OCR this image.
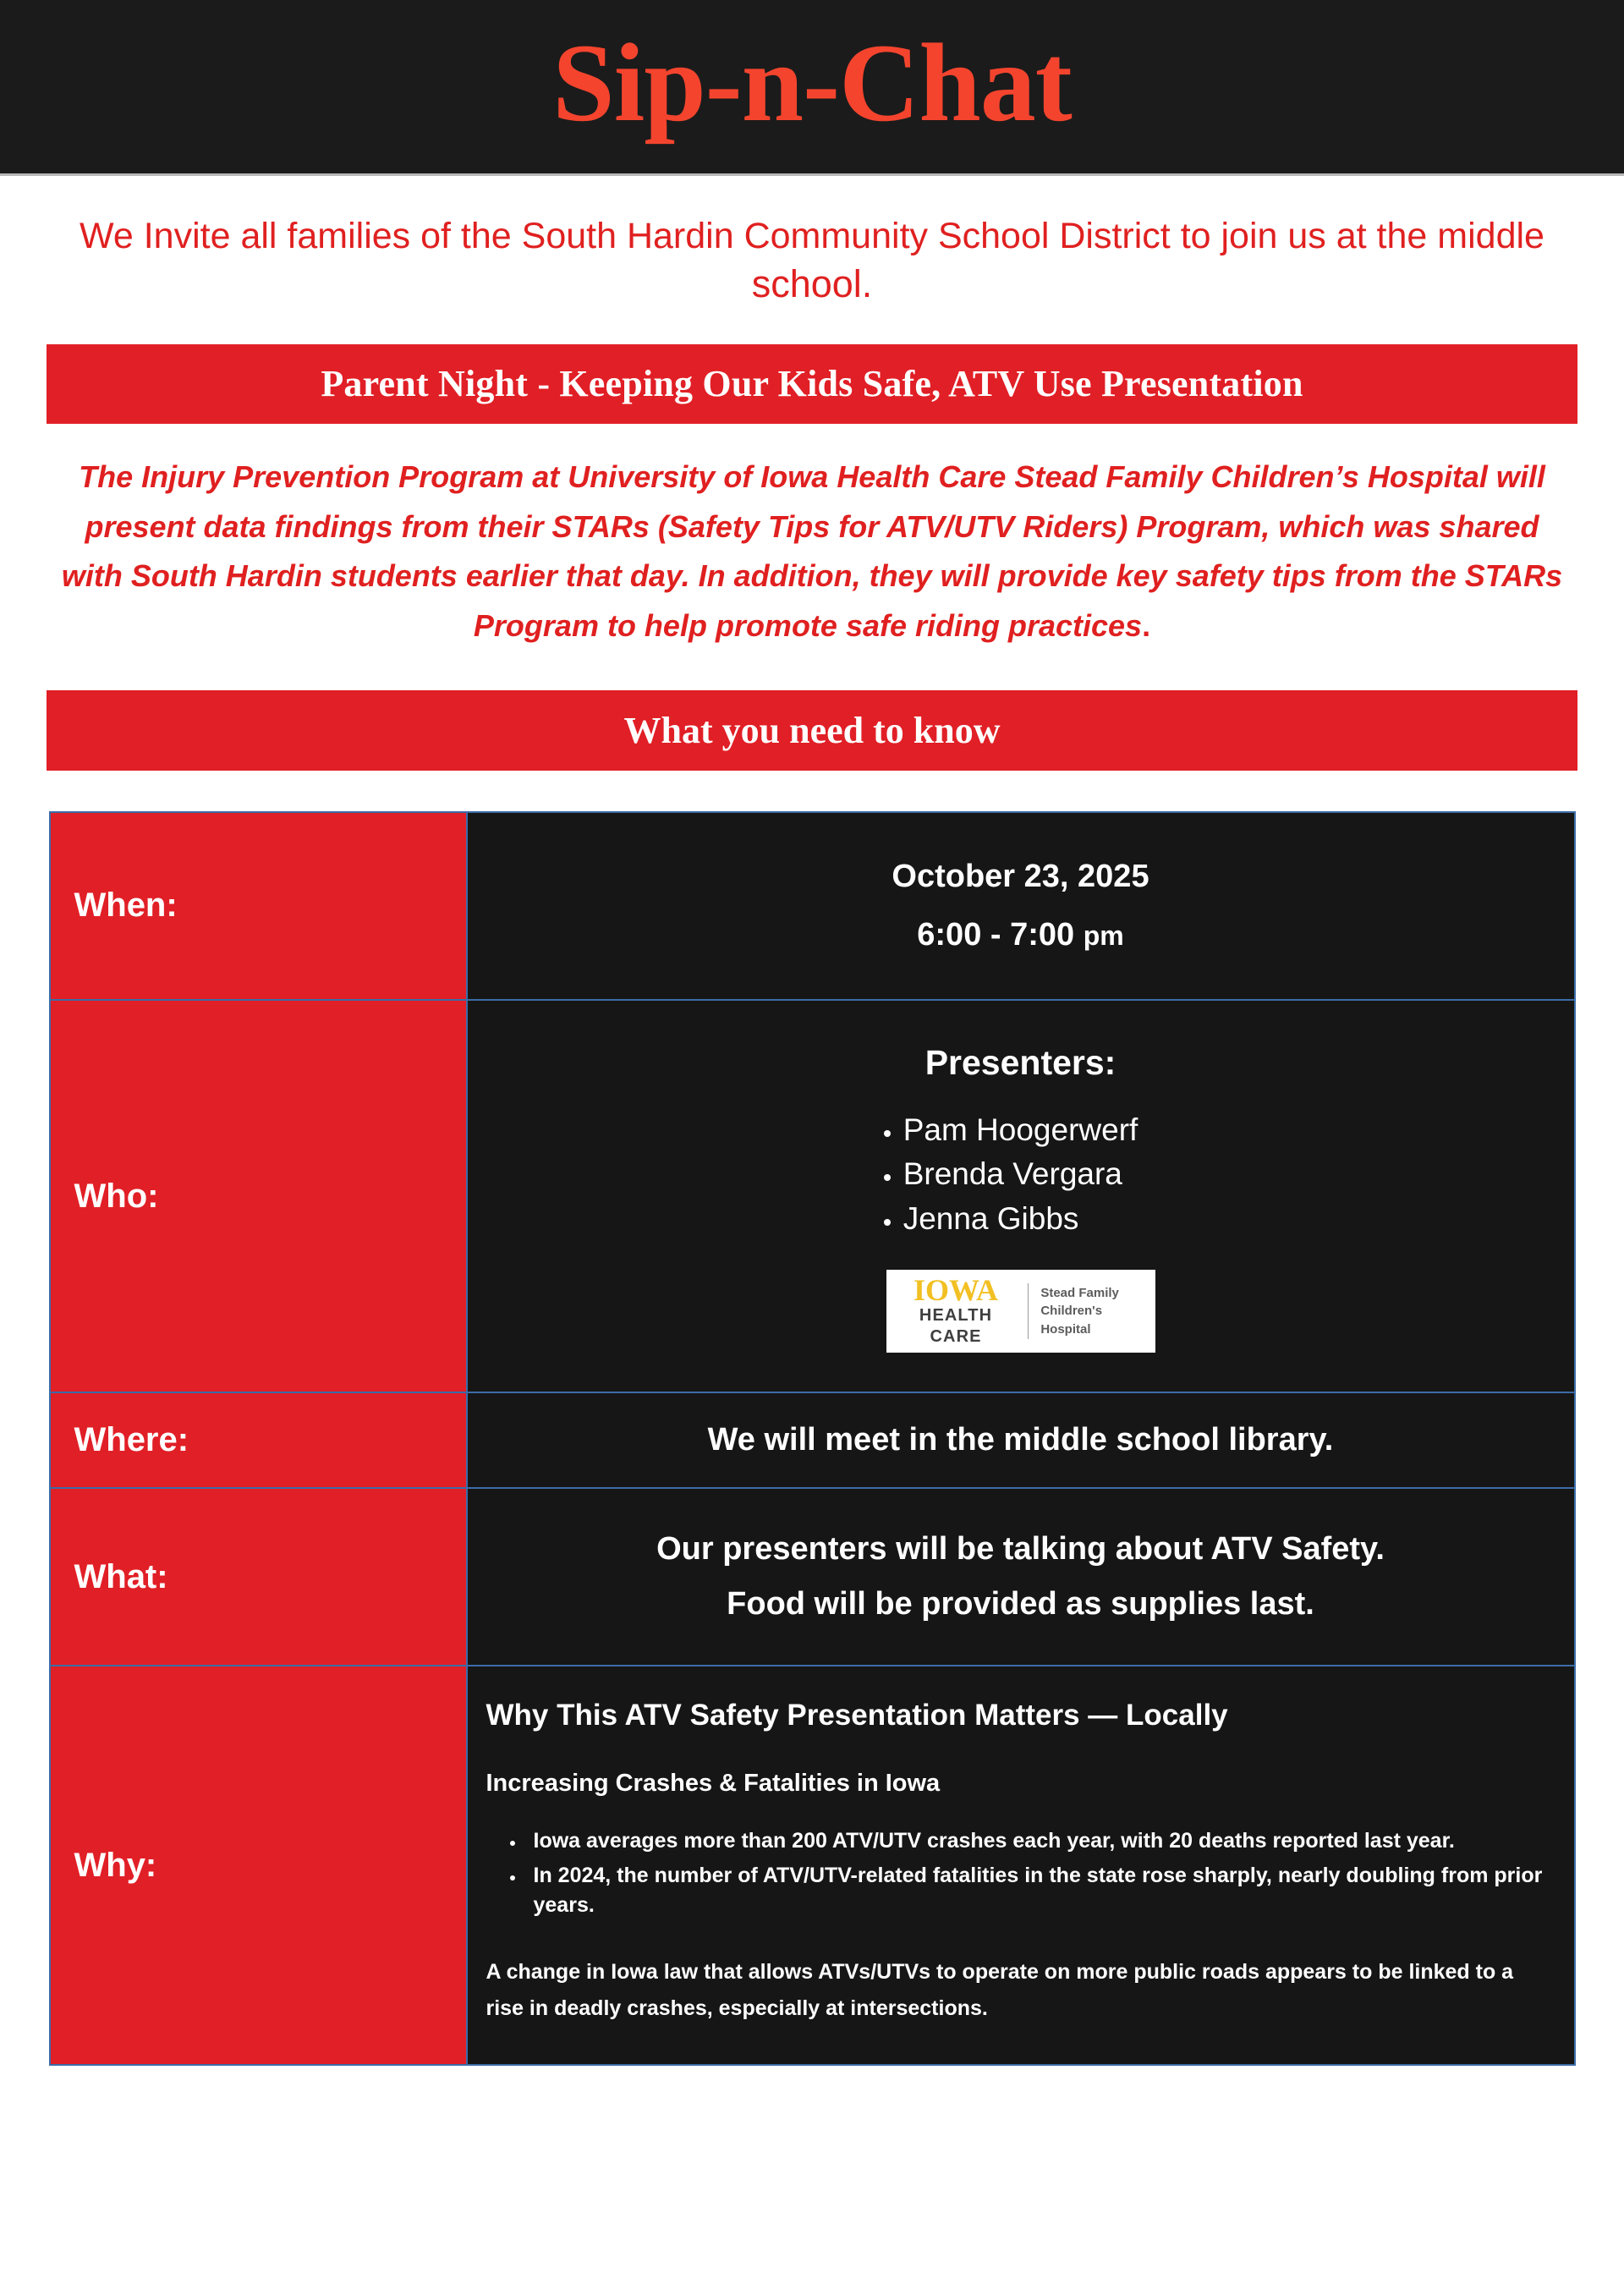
Sip-n-Chat

We Invite all families of the South Hardin Community School District to join us at the middle school.

Parent Night - Keeping Our Kids Safe, ATV Use Presentation

The Injury Prevention Program at University of Iowa Health Care Stead Family Children’s Hospital will present data findings from their STARs (Safety Tips for ATV/UTV Riders) Program, which was shared with South Hardin students earlier that day. In addition, they will provide key safety tips from the STARs Program to help promote safe riding practices.

What you need to know
When:	October 23, 2025
6:00 - 7:00 pm

Who:	
Presenters:
• Pam Hoogerwerf
• Brenda Vergara
• Jenna Gibbs
IOWA
HEALTH CARE
Stead Family
Children's Hospital

Where:	We will meet in the middle school library.

What:	Our presenters will be talking about ATV Safety.
Food will be provided as supplies last.

Why:	
Why This ATV Safety Presentation Matters — Locally
Increasing Crashes & Fatalities in Iowa
• Iowa averages more than 200 ATV/UTV crashes each year, with 20 deaths reported last year.
• In 2024, the number of ATV/UTV-related fatalities in the state rose sharply, nearly doubling from prior years.

A change in Iowa law that allows ATVs/UTVs to operate on more public roads appears to be linked to a rise in deadly crashes, especially at intersections.
